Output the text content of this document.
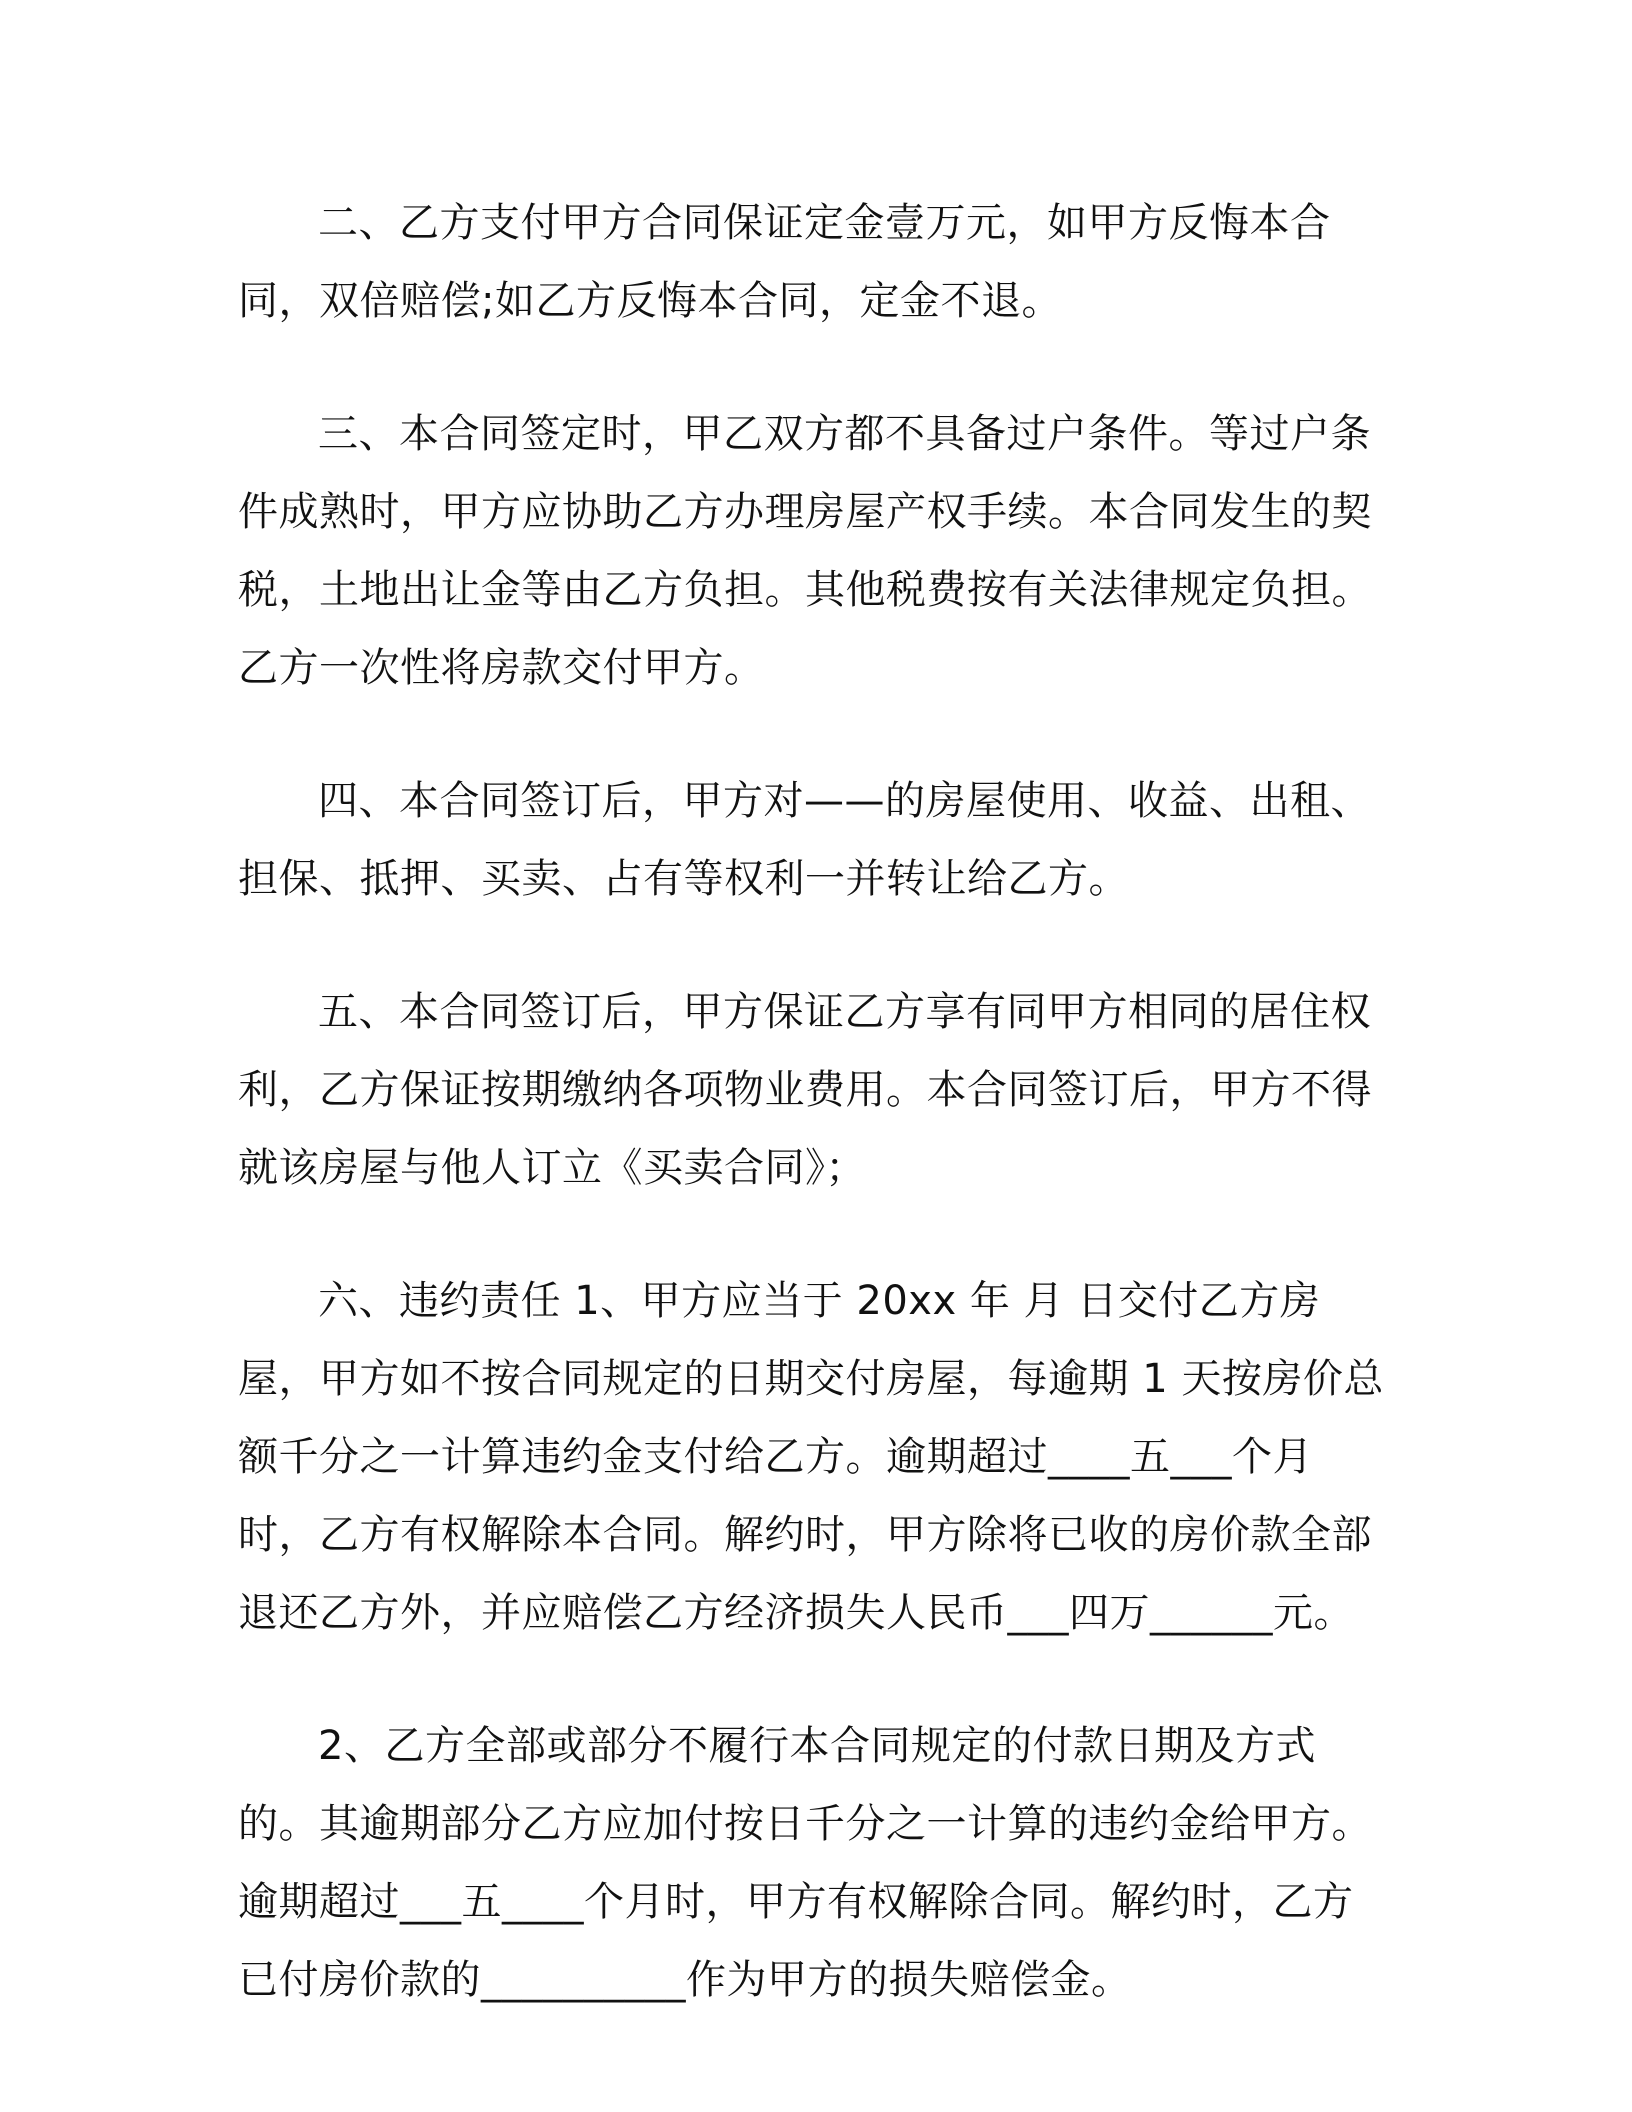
二、乙方支付甲方合同保证定金壹万元，如甲方反悔本合同，双倍赔偿;如乙方反悔本合同，定金不退。

三、本合同签定时，甲乙双方都不具备过户条件。等过户条件成熟时，甲方应协助乙方办理房屋产权手续。本合同发生的契税，土地出让金等由乙方负担。其他税费按有关法律规定负担。乙方一次性将房款交付甲方。

四、本合同签订后，甲方对——的房屋使用、收益、出租、担保、抵押、买卖、占有等权利一并转让给乙方。

五、本合同签订后，甲方保证乙方享有同甲方相同的居住权利，乙方保证按期缴纳各项物业费用。本合同签订后，甲方不得就该房屋与他人订立《买卖合同》；

六、违约责任 1、甲方应当于 20xx 年 月 日交付乙方房屋，甲方如不按合同规定的日期交付房屋，每逾期 1 天按房价总额千分之一计算违约金支付给乙方。逾期超过____五___个月时，乙方有权解除本合同。解约时，甲方除将已收的房价款全部退还乙方外，并应赔偿乙方经济损失人民币___四万______元。

2、乙方全部或部分不履行本合同规定的付款日期及方式的。其逾期部分乙方应加付按日千分之一计算的违约金给甲方。逾期超过___五____个月时，甲方有权解除合同。解约时，乙方已付房价款的__________作为甲方的损失赔偿金。
